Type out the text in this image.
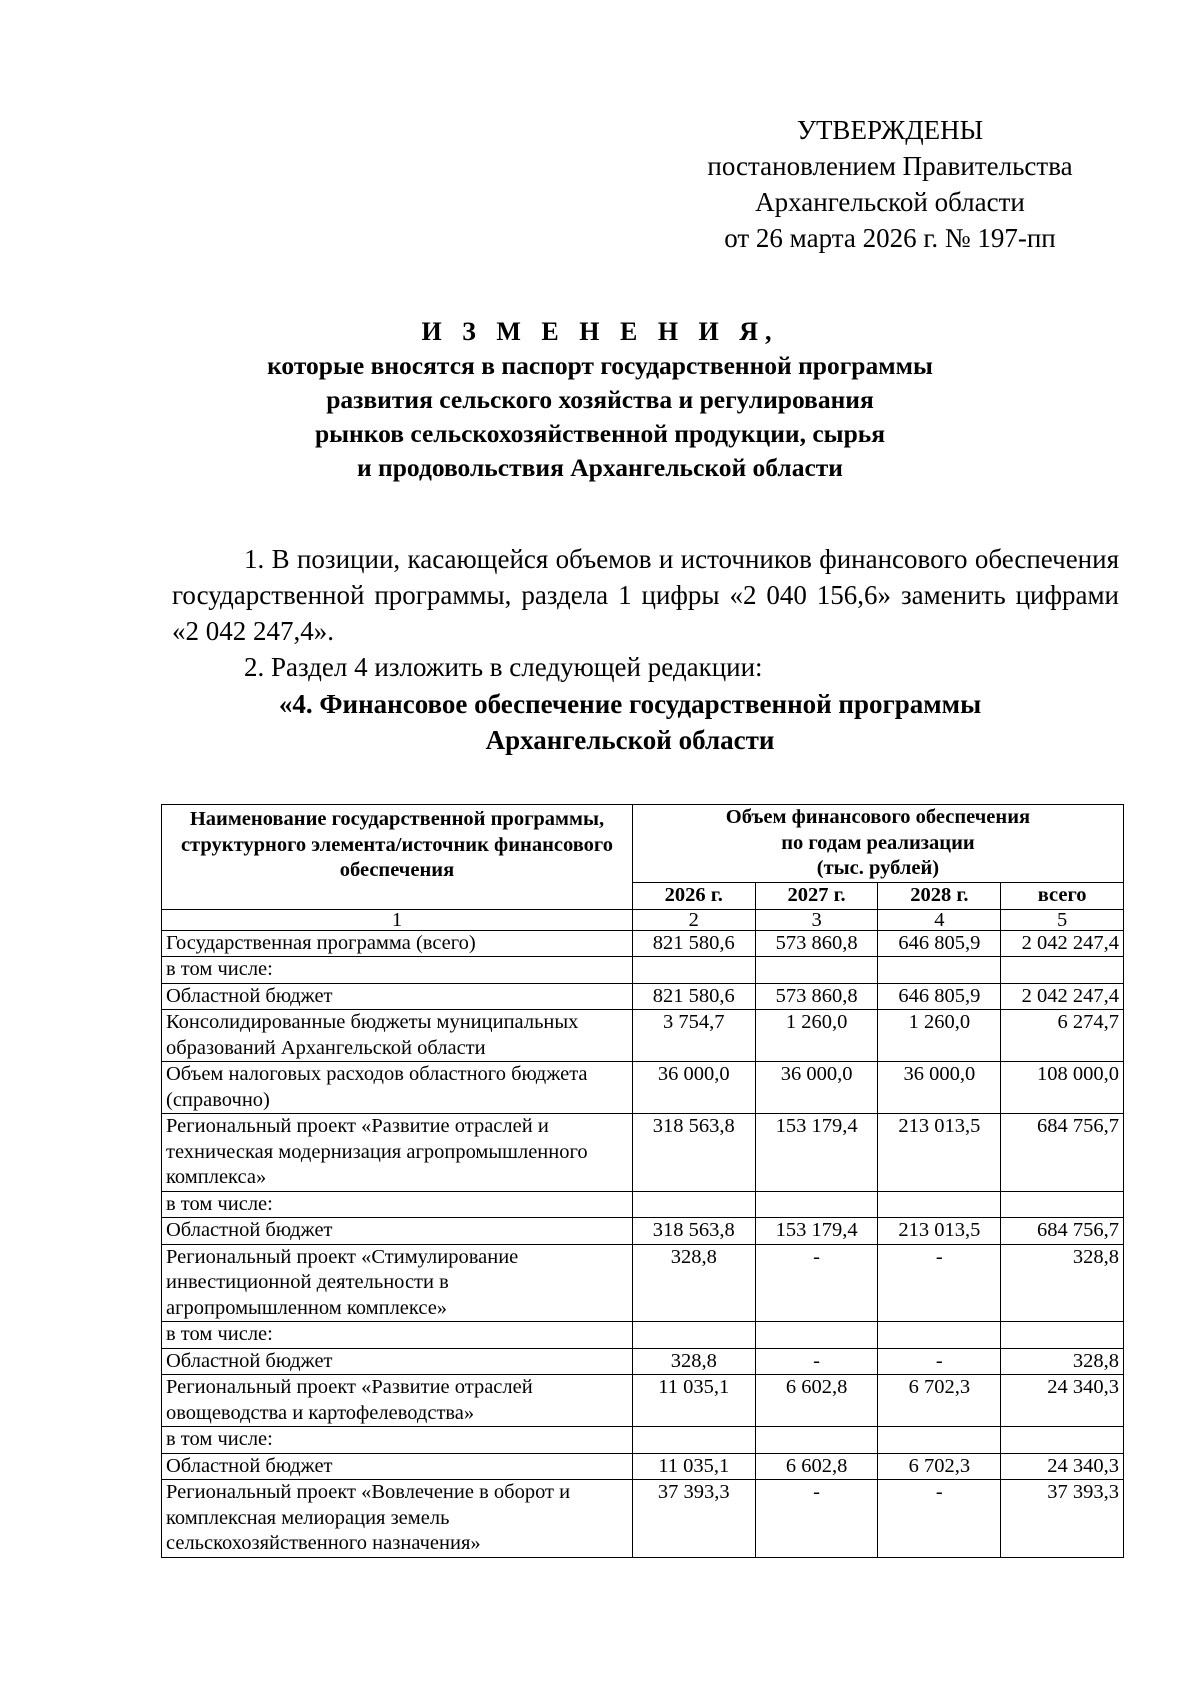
УТВЕРЖДЕНЫ
постановлением Правительства
Архангельской области
от 26 марта 2026 г. № 197-пп
И З М Е Н Е Н И Я,
которые вносятся в паспорт государственной программы
развития сельского хозяйства и регулирования
рынков сельскохозяйственной продукции, сырья
и продовольствия Архангельской области

1. В позиции, касающейся объемов и источников финансового обеспечения государственной программы, раздела 1 цифры «2 040 156,6» заменить цифрами «2 042 247,4».

2. Раздел 4 изложить в следующей редакции:

«4. Финансовое обеспечение государственной программы
Архангельской области
Наименование государственной программы, структурного элемента/источник финансового обеспечения	Объем финансового обеспечения
по годам реализации
(тыс. рублей)			

	2026 г.	2027 г.	2028 г.	всего
1	2	3	4	5
Государственная программа (всего)	821 580,6	573 860,8	646 805,9	2 042 247,4
в том числе:				
Областной бюджет	821 580,6	573 860,8	646 805,9	2 042 247,4
Консолидированные бюджеты муниципальных образований Архангельской области	3 754,7	1 260,0	1 260,0	6 274,7
Объем налоговых расходов областного бюджета (справочно)	36 000,0	36 000,0	36 000,0	108 000,0
Региональный проект «Развитие отраслей и техническая модернизация агропромышленного комплекса»	318 563,8	153 179,4	213 013,5	684 756,7
в том числе:				
Областной бюджет	318 563,8	153 179,4	213 013,5	684 756,7
Региональный проект «Стимулирование инвестиционной деятельности в агропромышленном комплексе»	328,8	-	-	328,8
в том числе:				
Областной бюджет	328,8	-	-	328,8
Региональный проект «Развитие отраслей овощеводства и картофелеводства»	11 035,1	6 602,8	6 702,3	24 340,3
в том числе:				
Областной бюджет	11 035,1	6 602,8	6 702,3	24 340,3
Региональный проект «Вовлечение в оборот и комплексная мелиорация земель сельскохозяйственного назначения»	37 393,3	-	-	37 393,3
